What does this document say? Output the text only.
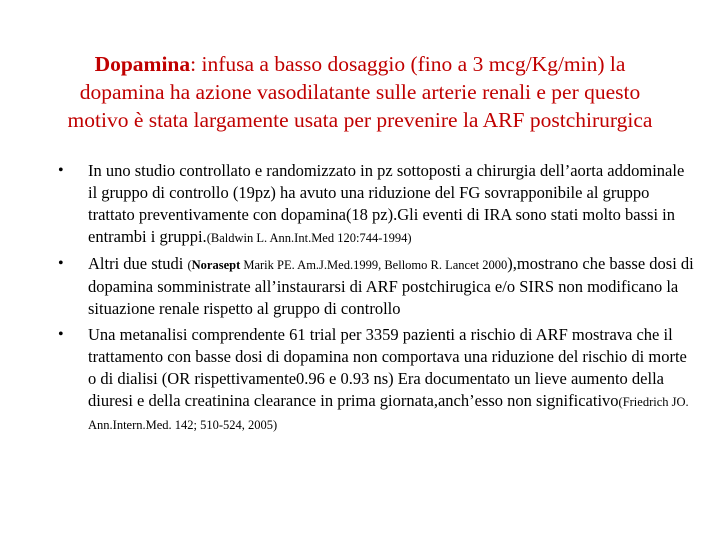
Dopamina: infusa a basso dosaggio (fino a 3 mcg/Kg/min) la
dopamina ha azione vasodilatante sulle arterie renali e per questo
motivo è stata largamente usata per prevenire la ARF postchirurgica
• In uno studio controllato e randomizzato in pz sottoposti a chirurgia dell’aorta addominale il gruppo di controllo (19pz) ha avuto una riduzione del FG sovrapponibile al gruppo trattato preventivamente con dopamina(18 pz).Gli eventi di IRA sono stati molto bassi in entrambi i gruppi.(Baldwin L. Ann.Int.Med 120:744-1994)
• Altri due studi (Norasept Marik PE. Am.J.Med.1999, Bellomo R. Lancet 2000),mostrano che basse dosi di dopamina somministrate all’instaurarsi di ARF postchirugica e/o SIRS non modificano la situazione renale rispetto al gruppo di controllo
• Una metanalisi comprendente 61 trial per 3359 pazienti a rischio di ARF mostrava che il trattamento con basse dosi di dopamina non comportava una riduzione del rischio di morte o di dialisi (OR rispettivamente0.96 e 0.93 ns) Era documentato un lieve aumento della diuresi e della creatinina clearance in prima giornata,anch’esso non significativo(Friedrich JO. Ann.Intern.Med. 142; 510-524, 2005)
